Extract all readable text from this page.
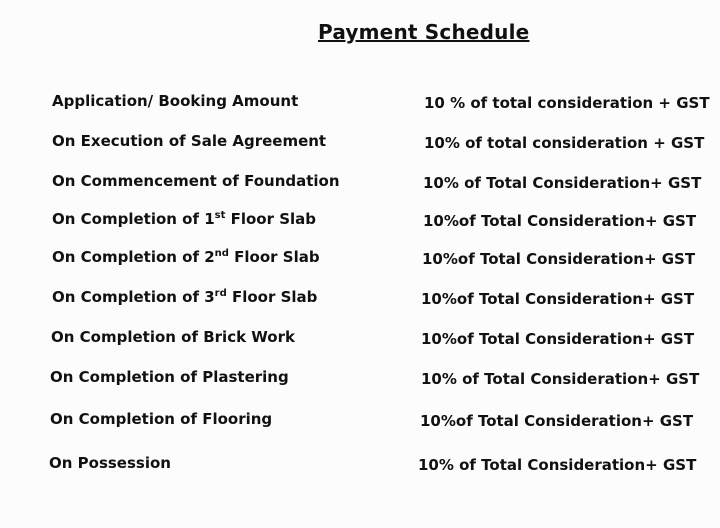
Payment Schedule
Application/ Booking Amount	10 % of total consideration + GST
On Execution of Sale Agreement	10% of total consideration + GST
On Commencement of Foundation	10% of Total Consideration+ GST
On Completion of 1st Floor Slab	10%of Total Consideration+ GST
On Completion of 2nd Floor Slab	10%of Total Consideration+ GST
On Completion of 3rd Floor Slab	10%of Total Consideration+ GST
On Completion of Brick Work	10%of Total Consideration+ GST
On Completion of Plastering	10% of Total Consideration+ GST
On Completion of Flooring	10%of Total Consideration+ GST
On Possession	10% of Total Consideration+ GST
